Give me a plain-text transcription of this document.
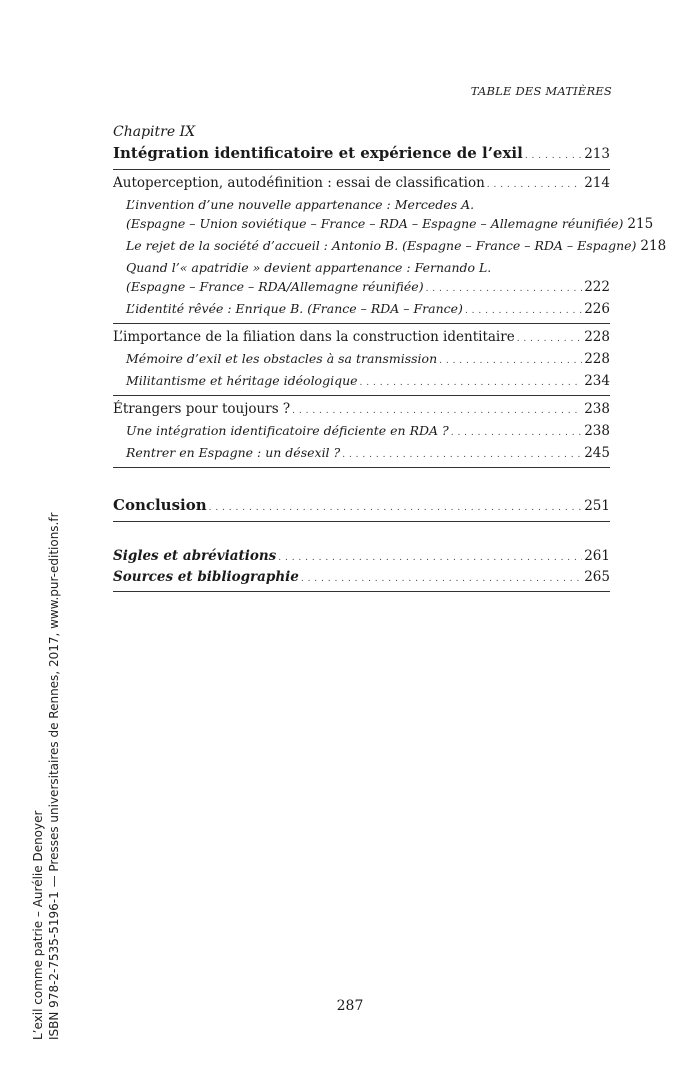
TABLE DES MATIÈRES
Chapitre IX
Intégration identificatoire et expérience de l’exil . . .	213
Autoperception, autodéfinition : essai de classification . . .	214
L’invention d’une nouvelle appartenance : Mercedes A.
(Espagne – Union soviétique – France – RDA – Espagne – Allemagne réunifiée) 215
Le rejet de la société d’accueil : Antonio B. (Espagne – France – RDA – Espagne) 218
Quand l’« apatridie » devient appartenance : Fernando L.
(Espagne – France – RDA/Allemagne réunifiée) . . .	222
L’identité rêvée : Enrique B. (France – RDA – France) . . .	226
L’importance de la filiation dans la construction identitaire . . .	228
Mémoire d’exil et les obstacles à sa transmission . . .	228
Militantisme et héritage idéologique . . .	234
Étrangers pour toujours ? . . .	238
Une intégration identificatoire déficiente en RDA ? . . .	238
Rentrer en Espagne : un désexil ? . . .	245
Conclusion . . .	251
Sigles et abréviations . . .	261
Sources et bibliographie . . .	265
287
L’exil comme patrie – Aurélie Denoyer ISBN 978-2-7535-5196-1 — Presses universitaires de Rennes, 2017, www.pur-editions.fr
